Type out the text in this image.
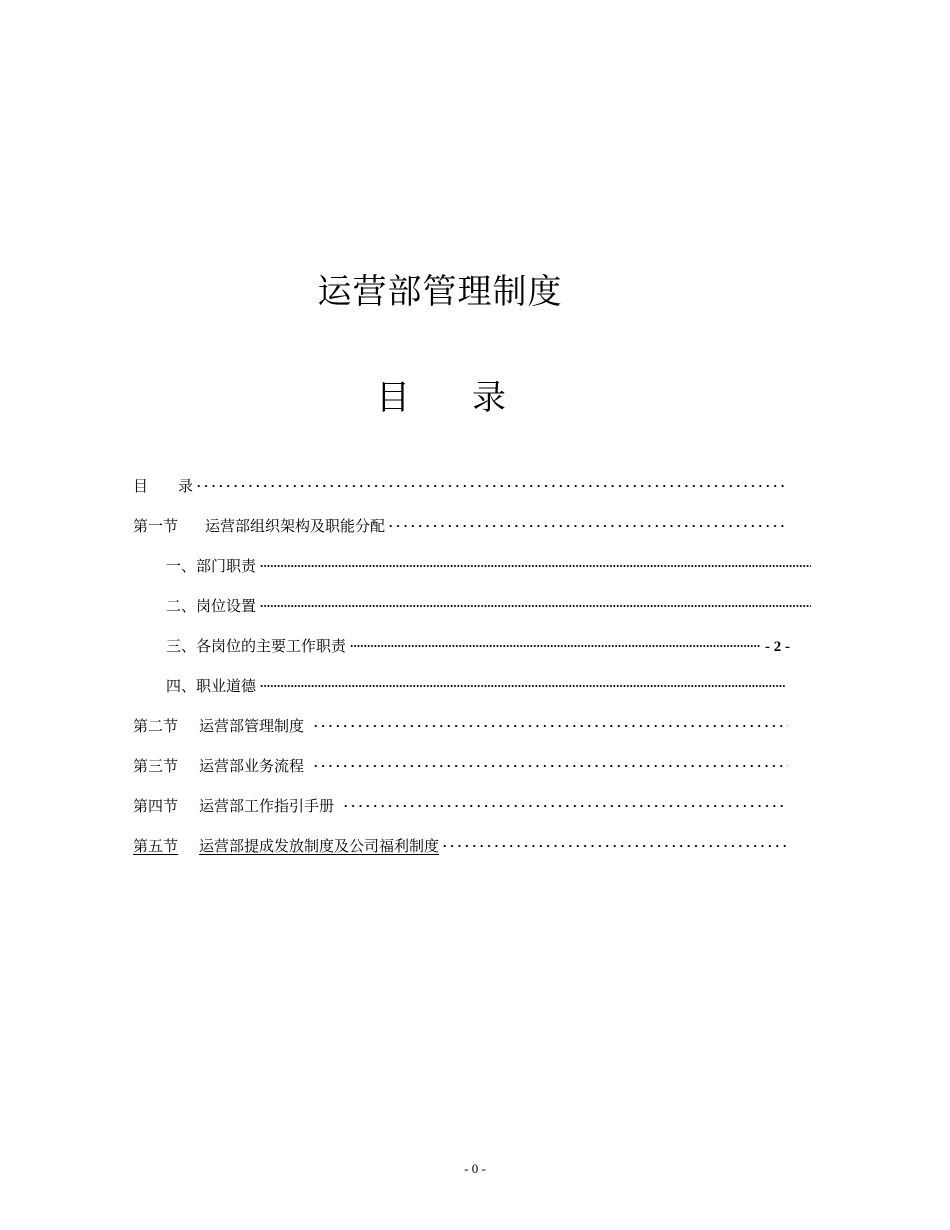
运营部管理制度
目 录
目　　录
第一节	运营部组织架构及职能分配
一、 部门职责
二、 岗位设置
三、 各岗位的主要工作职责	- 2 -
四、 职业道德
第二节	运营部管理制度
第三节	运营部业务流程
第四节	运营部工作指引手册
第五节	运营部提成发放制度及公司福利制度
- 0 -
